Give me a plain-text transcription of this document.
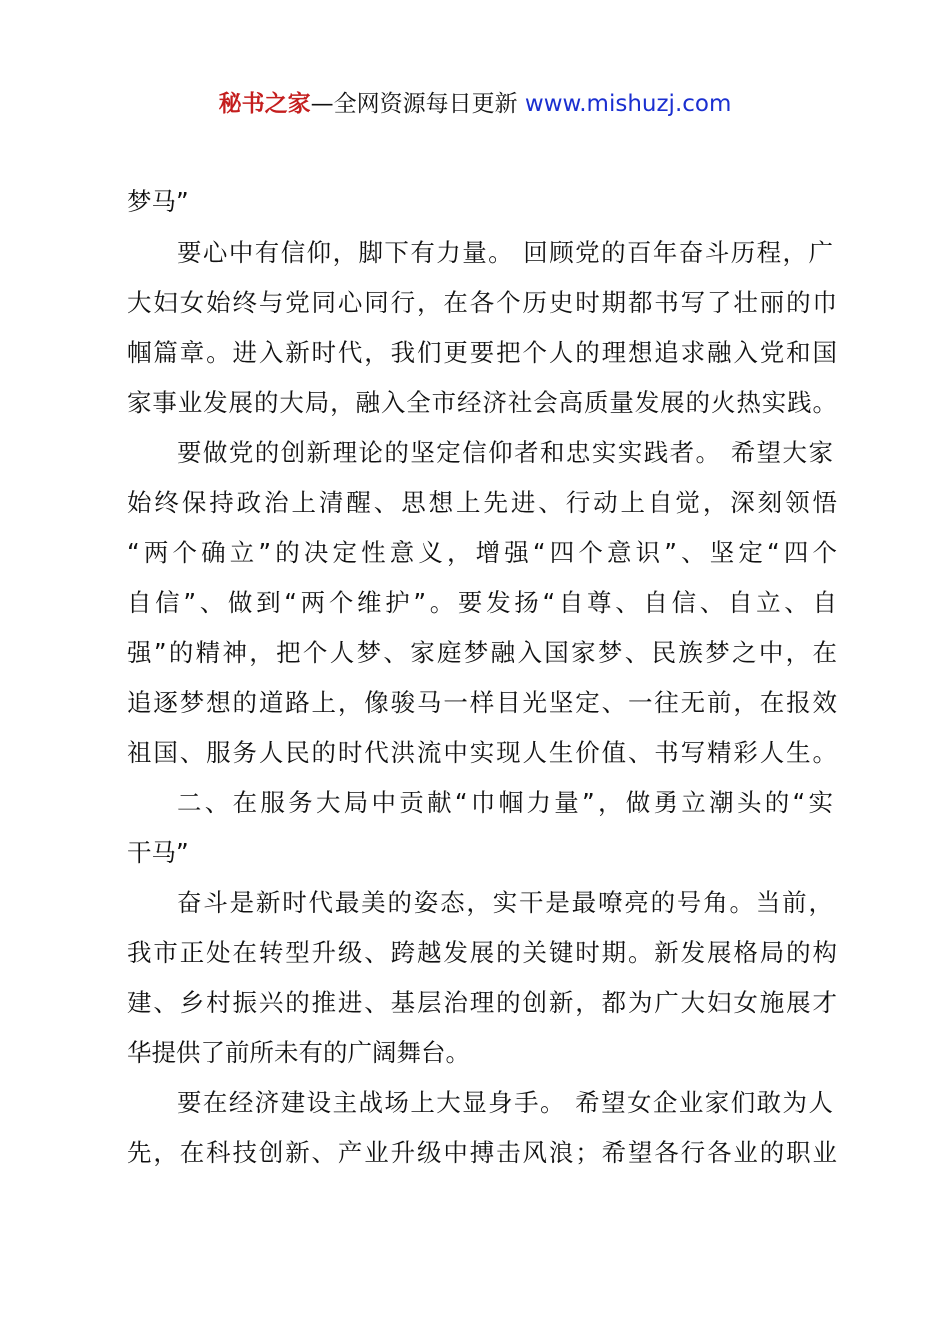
秘书之家—全网资源每日更新 www.mishuzj.com
梦马”
要心中有信仰，脚下有力量。 回顾党的百年奋斗历程，广
大妇女始终与党同心同行，在各个历史时期都书写了壮丽的巾
帼篇章。进入新时代，我们更要把个人的理想追求融入党和国
家事业发展的大局，融入全市经济社会高质量发展的火热实践。
要做党的创新理论的坚定信仰者和忠实实践者。 希望大家
始终保持政治上清醒、思想上先进、行动上自觉，深刻领悟
“两个确立”的决定性意义，增强“四个意识”、坚定“四个
自信”、做到“两个维护”。要发扬“自尊、自信、自立、自
强”的精神，把个人梦、家庭梦融入国家梦、民族梦之中，在
追逐梦想的道路上，像骏马一样目光坚定、一往无前，在报效
祖国、服务人民的时代洪流中实现人生价值、书写精彩人生。
二、在服务大局中贡献“巾帼力量”，做勇立潮头的“实
干马”
奋斗是新时代最美的姿态，实干是最嘹亮的号角。当前，
我市正处在转型升级、跨越发展的关键时期。新发展格局的构
建、乡村振兴的推进、基层治理的创新，都为广大妇女施展才
华提供了前所未有的广阔舞台。
要在经济建设主战场上大显身手。 希望女企业家们敢为人
先，在科技创新、产业升级中搏击风浪；希望各行各业的职业
